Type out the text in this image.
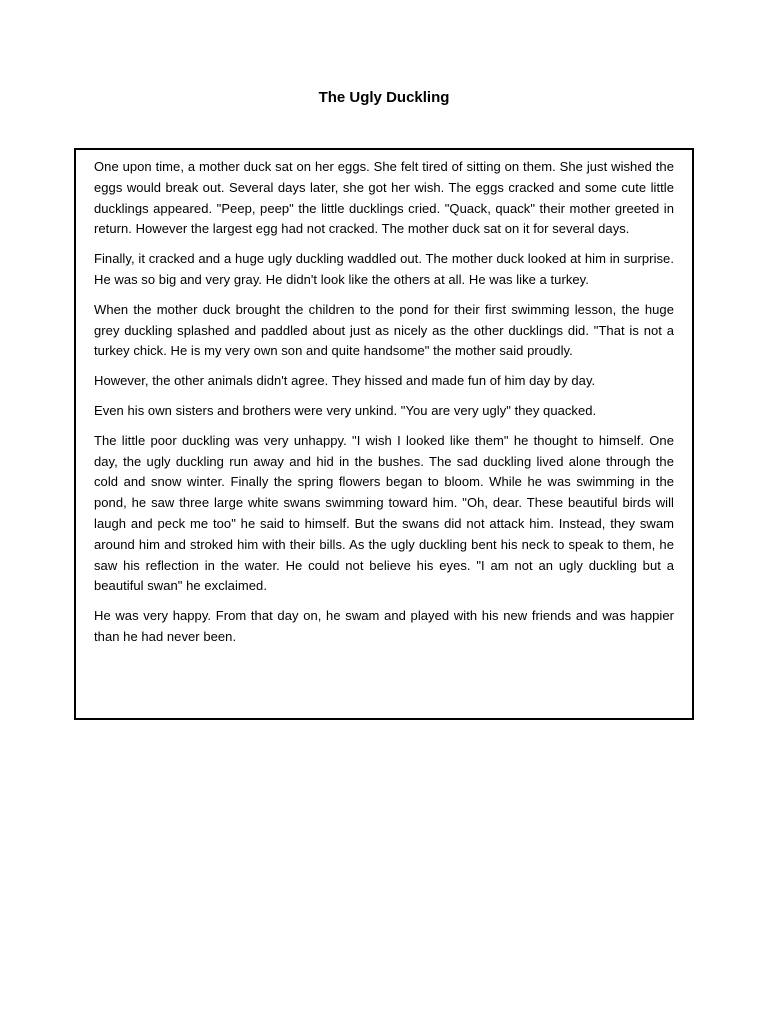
The Ugly Duckling

One upon time, a mother duck sat on her eggs. She felt tired of sitting on them. She just wished the eggs would break out. Several days later, she got her wish. The eggs cracked and some cute little ducklings appeared. "Peep, peep" the little ducklings cried. "Quack, quack" their mother greeted in return. However the largest egg had not cracked. The mother duck sat on it for several days.

Finally, it cracked and a huge ugly duckling waddled out. The mother duck looked at him in surprise. He was so big and very gray. He didn't look like the others at all. He was like a turkey.

When the mother duck brought the children to the pond for their first swimming lesson, the huge grey duckling splashed and paddled about just as nicely as the other ducklings did. "That is not a turkey chick. He is my very own son and quite handsome" the mother said proudly.

However, the other animals didn't agree. They hissed and made fun of him day by day.

Even his own sisters and brothers were very unkind. "You are very ugly" they quacked.

The little poor duckling was very unhappy. "I wish I looked like them" he thought to himself. One day, the ugly duckling run away and hid in the bushes. The sad duckling lived alone through the cold and snow winter. Finally the spring flowers began to bloom. While he was swimming in the pond, he saw three large white swans swimming toward him. "Oh, dear. These beautiful birds will laugh and peck me too" he said to himself. But the swans did not attack him. Instead, they swam around him and stroked him with their bills. As the ugly duckling bent his neck to speak to them, he saw his reflection in the water. He could not believe his eyes. "I am not an ugly duckling but a beautiful swan" he exclaimed.

He was very happy. From that day on, he swam and played with his new friends and was happier than he had never been.
